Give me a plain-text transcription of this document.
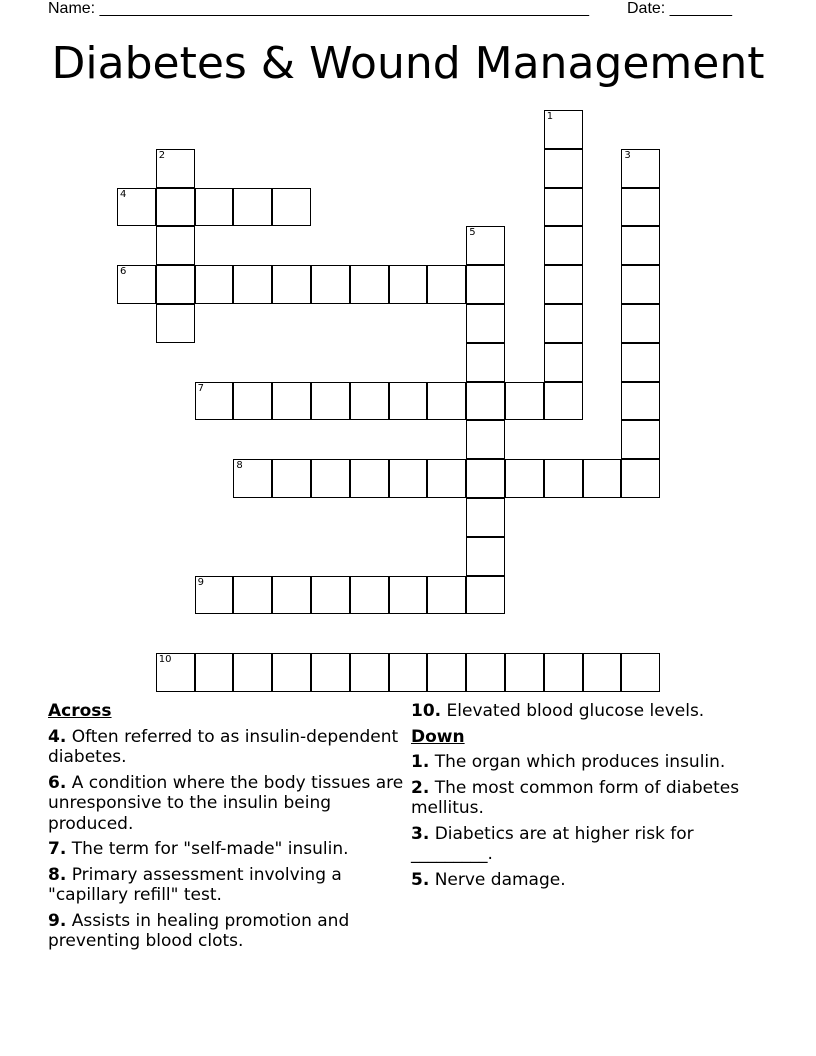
Name: _______________________________________________________ Date: _______
Diabetes & Wound Management
1
2	3
4
5
6
7
8
9
10
Across
4. Often referred to as insulin-dependent diabetes.
6. A condition where the body tissues are unresponsive to the insulin being produced.
7. The term for "self-made" insulin.
8. Primary assessment involving a "capillary refill" test.
9. Assists in healing promotion and preventing blood clots.
10. Elevated blood glucose levels.
Down
1. The organ which produces insulin.
2. The most common form of diabetes mellitus.
3. Diabetics are at higher risk for _________.
5. Nerve damage.
